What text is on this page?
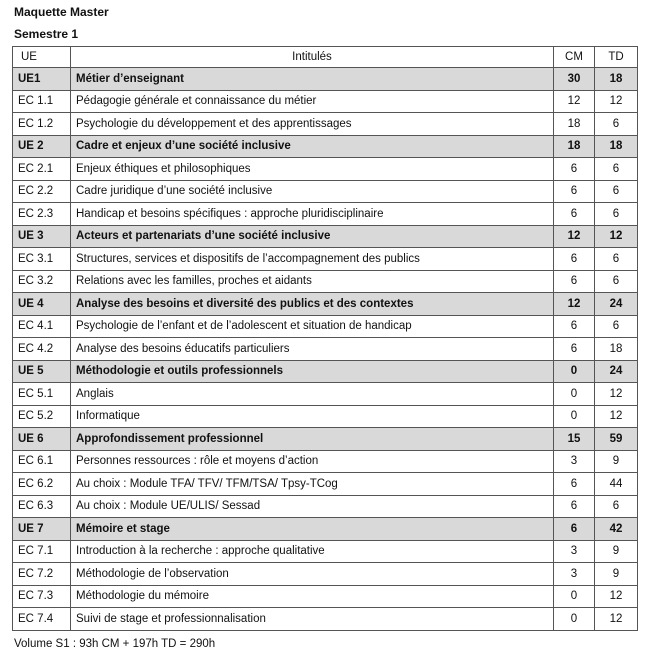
Maquette Master
Semestre 1
UE	Intitulés	CM	TD
UE1	Métier d’enseignant	30	18
EC 1.1	Pédagogie générale et connaissance du métier	12	12
EC 1.2	Psychologie du développement et des apprentissages	18	6
UE 2	Cadre et enjeux d’une société inclusive	18	18
EC 2.1	Enjeux éthiques et philosophiques	6	6
EC 2.2	Cadre juridique d’une société inclusive	6	6
EC 2.3	Handicap et besoins spécifiques : approche pluridisciplinaire	6	6
UE 3	Acteurs et partenariats d’une société inclusive	12	12
EC 3.1	Structures, services et dispositifs de l’accompagnement des publics	6	6
EC 3.2	Relations avec les familles, proches et aidants	6	6
UE 4	Analyse des besoins et diversité des publics et des contextes	12	24
EC 4.1	Psychologie de l’enfant et de l’adolescent et situation de handicap	6	6
EC 4.2	Analyse des besoins éducatifs particuliers	6	18
UE 5	Méthodologie et outils professionnels	0	24
EC 5.1	Anglais	0	12
EC 5.2	Informatique	0	12
UE 6	Approfondissement professionnel	15	59
EC 6.1	Personnes ressources : rôle et moyens d’action	3	9
EC 6.2	Au choix : Module TFA/ TFV/ TFM/TSA/ Tpsy-TCog	6	44
EC 6.3	Au choix : Module UE/ULIS/ Sessad	6	6
UE 7	Mémoire et stage	6	42
EC 7.1	Introduction à la recherche : approche qualitative	3	9
EC 7.2	Méthodologie de l’observation	3	9
EC 7.3	Méthodologie du mémoire	0	12
EC 7.4	Suivi de stage et professionnalisation	0	12
Volume S1 : 93h CM + 197h TD = 290h
